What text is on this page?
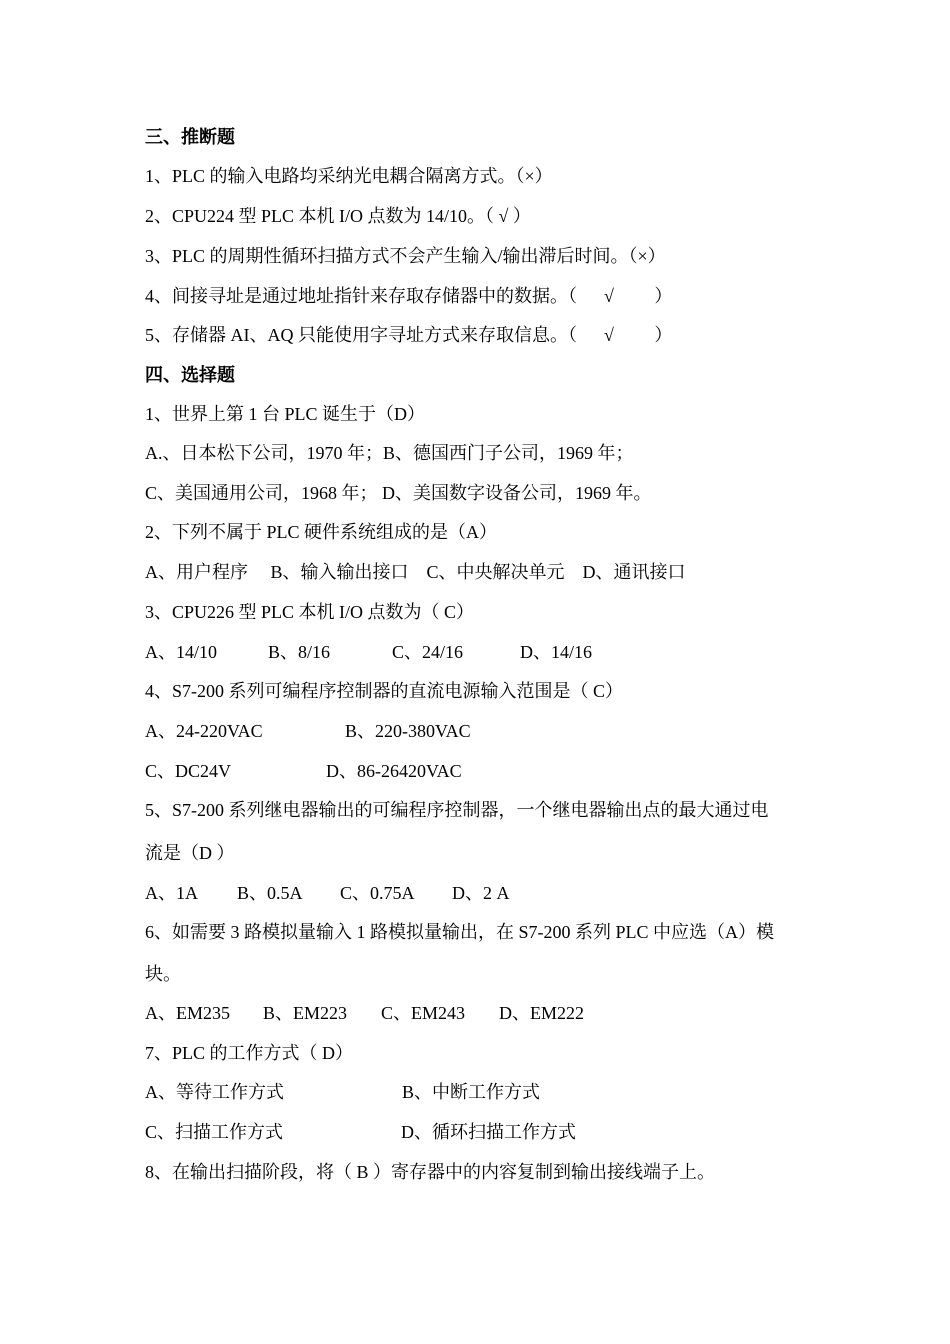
三、推断题
1、PLC 的输入电路均采纳光电耦合隔离方式。（×）
2、CPU224 型 PLC 本机 I/O 点数为 14/10。（ √ ）
3、PLC 的周期性循环扫描方式不会产生输入/输出滞后时间。（×）
4、间接寻址是通过地址指针来存取存储器中的数据。（      √         ）
5、存储器 AI、AQ 只能使用字寻址方式来存取信息。（      √         ）
四、选择题
1、世界上第 1 台 PLC 诞生于（D）
A.、日本松下公司，1970 年；B、德国西门子公司，1969 年；
C、美国通用公司，1968 年； D、美国数字设备公司，1969 年。
2、下列不属于 PLC 硬件系统组成的是（A）
A、用户程序     B、输入输出接口    C、中央解决单元    D、通讯接口
3、CPU226 型 PLC 本机 I/O 点数为（ C）

A、14/10

	B、8/16

	C、24/16

	D、14/16

4、S7-200 系列可编程序控制器的直流电源输入范围是（ C）

A、24-220VAC

	B、220-380VAC

C、DC24V

	D、86-26420VAC

5、S7-200 系列继电器输出的可编程序控制器，一个继电器输出点的最大通过电
流是（D ）

A、1A

B、0.5A

C、0.75A

D、2 A

6、如需要 3 路模拟量输入 1 路模拟量输出，在 S7-200 系列 PLC 中应选（A）模
块。

A、EM235

B、EM223

C、EM243

D、EM222

7、PLC 的工作方式（ D）

A、等待工作方式

	B、中断工作方式

C、扫描工作方式

	D、循环扫描工作方式

8、在输出扫描阶段，将（ B ）寄存器中的内容复制到输出接线端子上。
